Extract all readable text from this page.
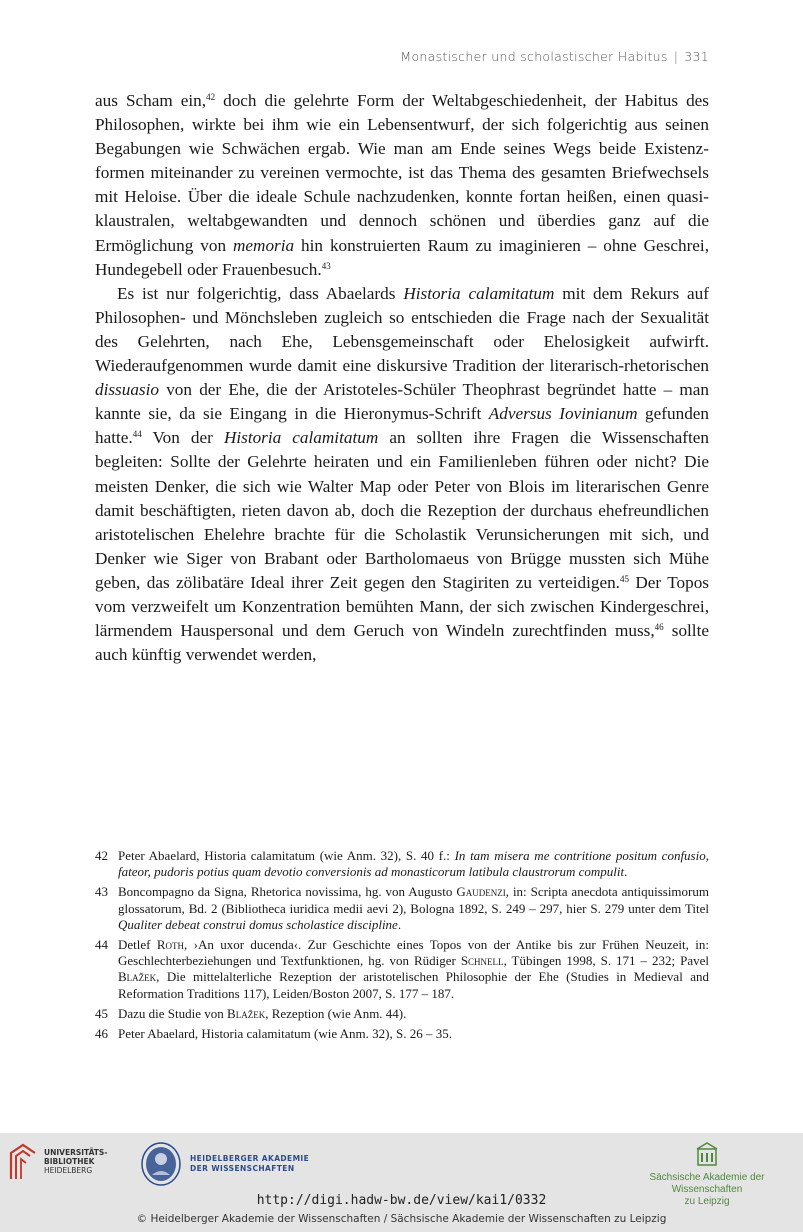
Monastischer und scholastischer Habitus | 331

aus Scham ein,$^{42}$ doch die gelehrte Form der Weltabgeschiedenheit, der Habitus des Philosophen, wirkte bei ihm wie ein Lebensentwurf, der sich folgerichtig aus seinen Begabungen wie Schwächen ergab. Wie man am Ende seines Wegs beide Existenzformen miteinander zu vereinen vermochte, ist das Thema des gesamten Briefwechsels mit Heloise. Über die ideale Schule nachzudenken, konnte fortan heißen, einen quasi-klaustralen, weltabgewandten und dennoch schönen und überdies ganz auf die Ermöglichung von memoria hin konstruierten Raum zu imaginieren – ohne Geschrei, Hundegebell oder Frauenbesuch.$^{43}$

Es ist nur folgerichtig, dass Abaelards Historia calamitatum mit dem Rekurs auf Philosophen- und Mönchsleben zugleich so entschieden die Frage nach der Sexualität des Gelehrten, nach Ehe, Lebensgemeinschaft oder Ehelosigkeit aufwirft. Wiederaufgenommen wurde damit eine diskursive Tradition der literarisch-rhetorischen dissuasio von der Ehe, die der Aristoteles-Schüler Theophrast begründet hatte – man kannte sie, da sie Eingang in die Hieronymus-Schrift Adversus Iovinianum gefunden hatte.$^{44}$ Von der Historia calamitatum an sollten ihre Fragen die Wissenschaften begleiten: Sollte der Gelehrte heiraten und ein Familienleben führen oder nicht? Die meisten Denker, die sich wie Walter Map oder Peter von Blois im literarischen Genre damit beschäftigten, rieten davon ab, doch die Rezeption der durchaus ehefreundlichen aristotelischen Ehelehre brachte für die Scholastik Verunsicherungen mit sich, und Denker wie Siger von Brabant oder Bartholomaeus von Brügge mussten sich Mühe geben, das zölibatäre Ideal ihrer Zeit gegen den Stagiriten zu verteidigen.$^{45}$ Der Topos vom verzweifelt um Konzentration bemühten Mann, der sich zwischen Kindergeschrei, lärmendem Hauspersonal und dem Geruch von Windeln zurechtfinden muss,$^{46}$ sollte auch künftig verwendet werden,

42 Peter Abaelard, Historia calamitatum (wie Anm. 32), S. 40 f.: In tam misera me contritione positum confusio, fateor, pudoris potius quam devotio conversionis ad monasticorum latibula claustrorum compulit.
43 Boncompagno da Signa, Rhetorica novissima, hg. von Augusto Gaudenzi, in: Scripta anecdota antiquissimorum glossatorum, Bd. 2 (Bibliotheca iuridica medii aevi 2), Bologna 1892, S. 249 – 297, hier S. 279 unter dem Titel Qualiter debeat construi domus scholastice discipline.
44 Detlef Roth, ›An uxor ducenda‹. Zur Geschichte eines Topos von der Antike bis zur Frühen Neuzeit, in: Geschlechterbeziehungen und Textfunktionen, hg. von Rüdiger Schnell, Tübingen 1998, S. 171 – 232; Pavel Blažek, Die mittelalterliche Rezeption der aristotelischen Philosophie der Ehe (Studies in Medieval and Reformation Traditions 117), Leiden/Boston 2007, S. 177 – 187.
45 Dazu die Studie von Blažek, Rezeption (wie Anm. 44).
46 Peter Abaelard, Historia calamitatum (wie Anm. 32), S. 26 – 35.
UNIVERSITÄTS-
BIBLIOTHEK
HEIDELBERG
HEIDELBERGER AKADEMIE
DER WISSENSCHAFTEN
Sächsische Akademie der Wissenschaften
zu Leipzig
http://digi.hadw-bw.de/view/kai1/0332
© Heidelberger Akademie der Wissenschaften / Sächsische Akademie der Wissenschaften zu Leipzig
